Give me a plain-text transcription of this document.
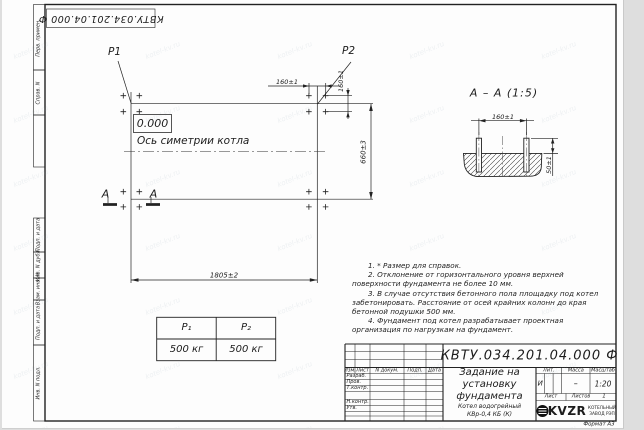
Перв. примен.
Справ. N
Подп. и дата
Инв. N дубл.
Взам. инв. N
Подп. и дата
Инв. N подл.
КВТУ.034.201.04.000 Ф
P1	P2
0.000
Ось симетрии котла
1805±2
660±3
160±1	160±1
А	А
P₁	P₂
500 кг	500 кг
А – А (1:5)
160±1
50±1

1. * Размер для справок.

2. Отклонение от горизонтального уровня верхней поверхности фундамента не более 10 мм.

3. В случае отсутствия бетонного пола площадку под котел забетонировать. Расстояние от осей крайних колонн до края бетонной подушки 500 мм.

4. Фундамент под котел разрабатывает проектная организация по нагрузкам на фундамент.

КВТУ.034.201.04.000 Ф
Задание на
установку
фундамента
Котел водогрейный
КВр-0,4 КБ (К)
Изм. Лист N докум. Подп. Дата
Разраб.
Пров.
Т.контр.
Н.контр.
Утв.
Лит.	Масса Масштаб
И	– 1:20
Лист	Листов 1
KVZR КОТЕЛЬНЫЙ
ЗАВОД РЭП
Формат А3
